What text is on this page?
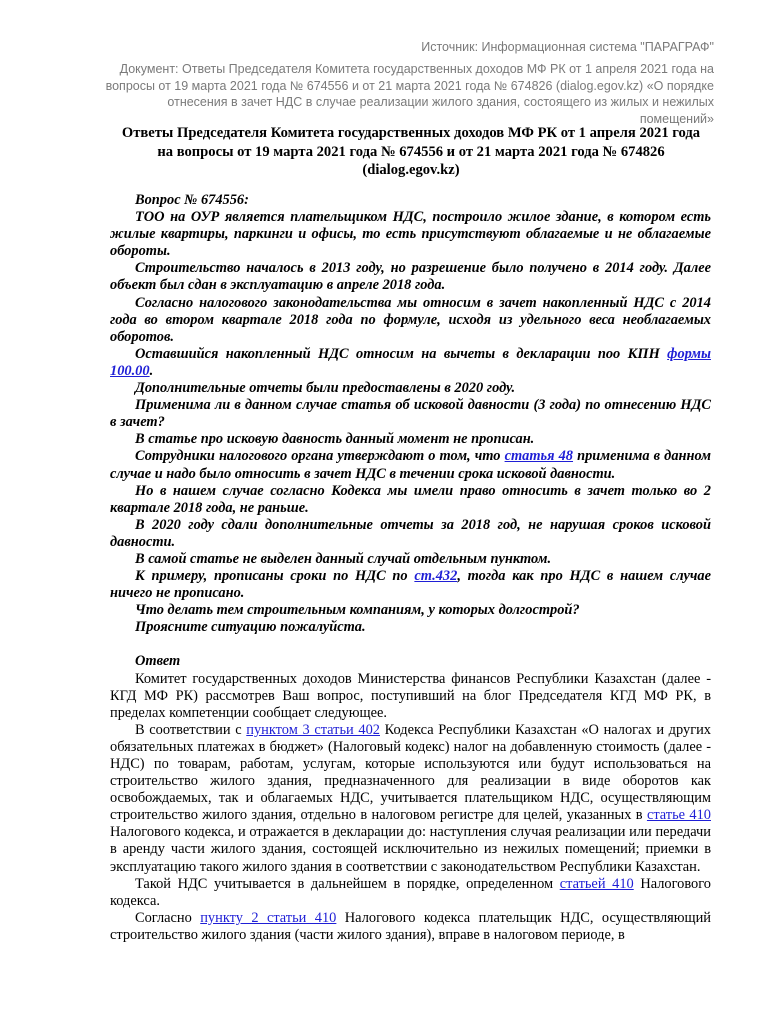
Источник: Информационная система "ПАРАГРАФ"
Документ: Ответы Председателя Комитета государственных доходов МФ РК от 1 апреля 2021 года на вопросы от 19 марта 2021 года № 674556 и от 21 марта 2021 года № 674826 (dialog.egov.kz) «О порядке отнесения в зачет НДС в случае реализации жилого здания, состоящего из жилых и нежилых помещений»
Ответы Председателя Комитета государственных доходов МФ РК от 1 апреля 2021 года на вопросы от 19 марта 2021 года № 674556 и от 21 марта 2021 года № 674826 (dialog.egov.kz)

Вопрос № 674556:

ТОО на ОУР является плательщиком НДС, построило жилое здание, в котором есть жилые квартиры, паркинги и офисы, то есть присутствуют облагаемые и не облагаемые обороты.

Строительство началось в 2013 году, но разрешение было получено в 2014 году. Далее объект был сдан в эксплуатацию в апреле 2018 года.

Согласно налогового законодательства мы относим в зачет накопленный НДС с 2014 года во втором квартале 2018 года по формуле, исходя из удельного веса необлагаемых оборотов.

Оставшийся накопленный НДС относим на вычеты в декларации поо КПН формы 100.00.

Дополнительные отчеты были предоставлены в 2020 году.

Применима ли в данном случае статья об исковой давности (3 года) по отнесению НДС в зачет?

В статье про исковую давность данный момент не прописан.

Сотрудники налогового органа утверждают о том, что статья 48 применима в данном случае и надо было относить в зачет НДС в течении срока исковой давности.

Но в нашем случае согласно Кодекса мы имели право относить в зачет только во 2 квартале 2018 года, не раньше.

В 2020 году сдали дополнительные отчеты за 2018 год, не нарушая сроков исковой давности.

В самой статье не выделен данный случай отдельным пунктом.

К примеру, прописаны сроки по НДС по ст.432, тогда как про НДС в нашем случае ничего не прописано.

Что делать тем строительным компаниям, у которых долгострой?

Проясните ситуацию пожалуйста.

Ответ

Комитет государственных доходов Министерства финансов Республики Казахстан (далее - КГД МФ РК) рассмотрев Ваш вопрос, поступивший на блог Председателя КГД МФ РК, в пределах компетенции сообщает следующее.

В соответствии с пунктом 3 статьи 402 Кодекса Республики Казахстан «О налогах и других обязательных платежах в бюджет» (Налоговый кодекс) налог на добавленную стоимость (далее - НДС) по товарам, работам, услугам, которые используются или будут использоваться на строительство жилого здания, предназначенного для реализации в виде оборотов как освобождаемых, так и облагаемых НДС, учитывается плательщиком НДС, осуществляющим строительство жилого здания, отдельно в налоговом регистре для целей, указанных в статье 410 Налогового кодекса, и отражается в декларации до: наступления случая реализации или передачи в аренду части жилого здания, состоящей исключительно из нежилых помещений; приемки в эксплуатацию такого жилого здания в соответствии с законодательством Республики Казахстан.

Такой НДС учитывается в дальнейшем в порядке, определенном статьей 410 Налогового кодекса.

Согласно пункту 2 статьи 410 Налогового кодекса плательщик НДС, осуществляющий строительство жилого здания (части жилого здания), вправе в налоговом периоде, в
